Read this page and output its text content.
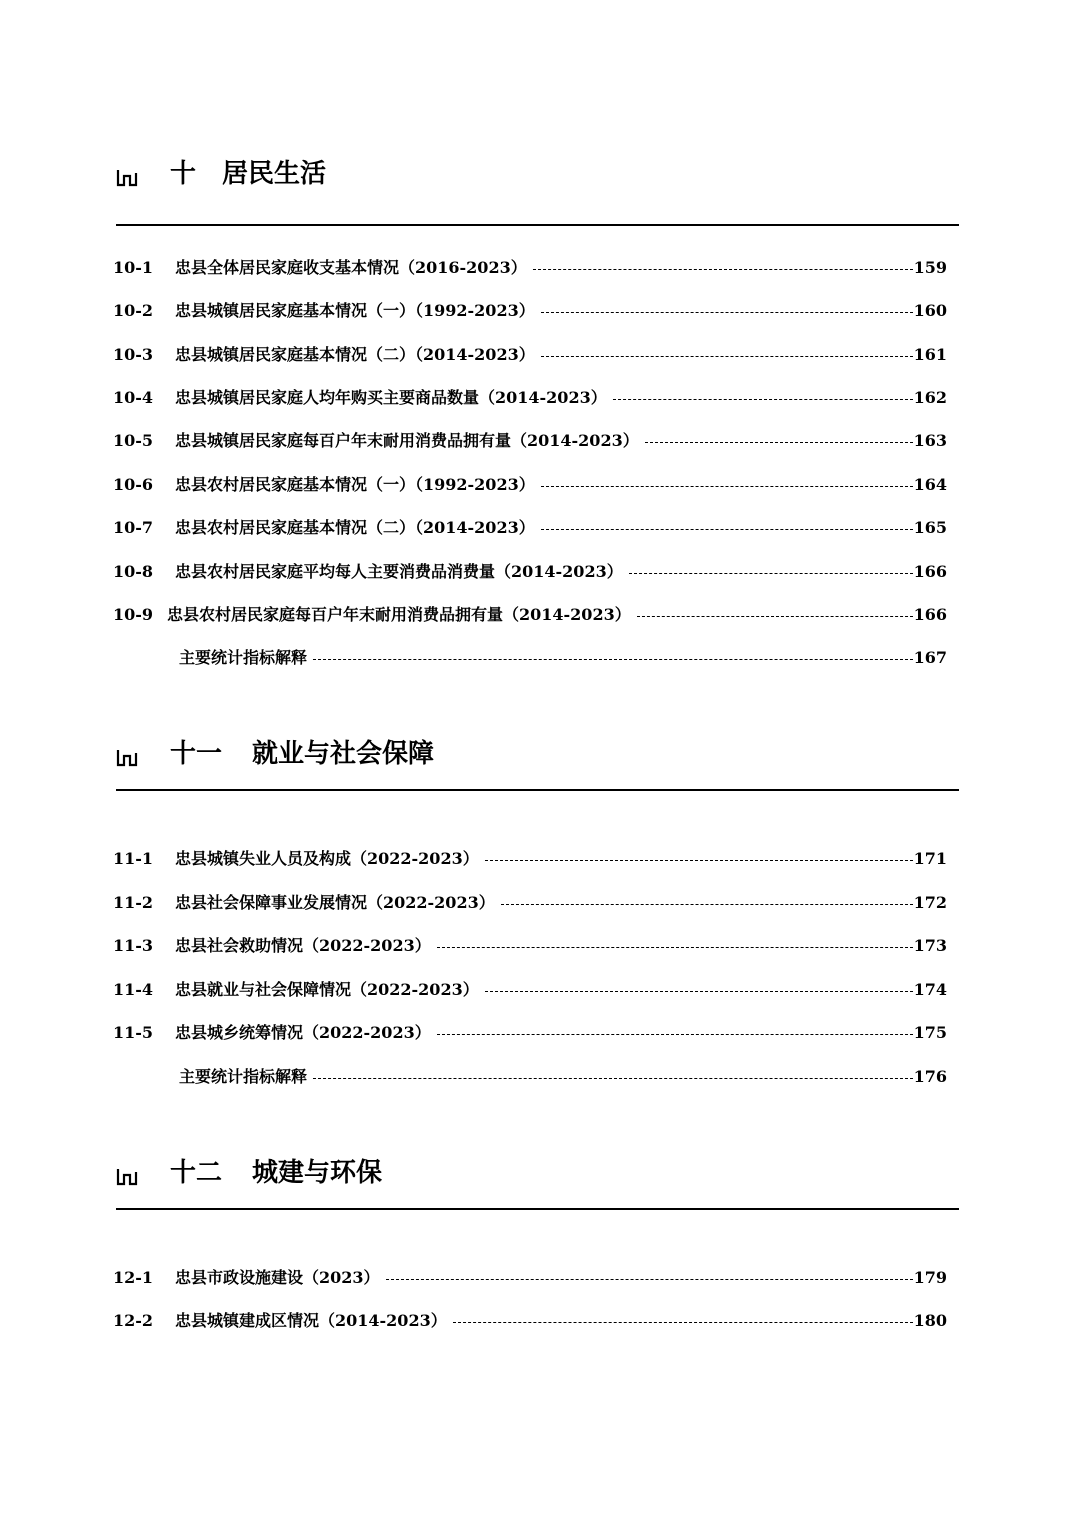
十 居民生活
10-1	忠县全体居民家庭收支基本情况（2016-2023）	159
10-2	忠县城镇居民家庭基本情况（一）（1992-2023）	160
10-3	忠县城镇居民家庭基本情况（二）（2014-2023）	161
10-4	忠县城镇居民家庭人均年购买主要商品数量（2014-2023）	162
10-5	忠县城镇居民家庭每百户年末耐用消费品拥有量（2014-2023）	163
10-6	忠县农村居民家庭基本情况（一）（1992-2023）	164
10-7	忠县农村居民家庭基本情况（二）（2014-2023）	165
10-8	忠县农村居民家庭平均每人主要消费品消费量（2014-2023）	166
10-9 忠县农村居民家庭每百户年末耐用消费品拥有量（2014-2023）	166
主要统计指标解释	167
十一 就业与社会保障
11-1	忠县城镇失业人员及构成（2022-2023）	171
11-2	忠县社会保障事业发展情况（2022-2023）	172
11-3	忠县社会救助情况（2022-2023）	173
11-4	忠县就业与社会保障情况（2022-2023）	174
11-5	忠县城乡统筹情况（2022-2023）	175
主要统计指标解释	176
十二 城建与环保
12-1	忠县市政设施建设（2023）	179
12-2	忠县城镇建成区情况（2014-2023）	180
